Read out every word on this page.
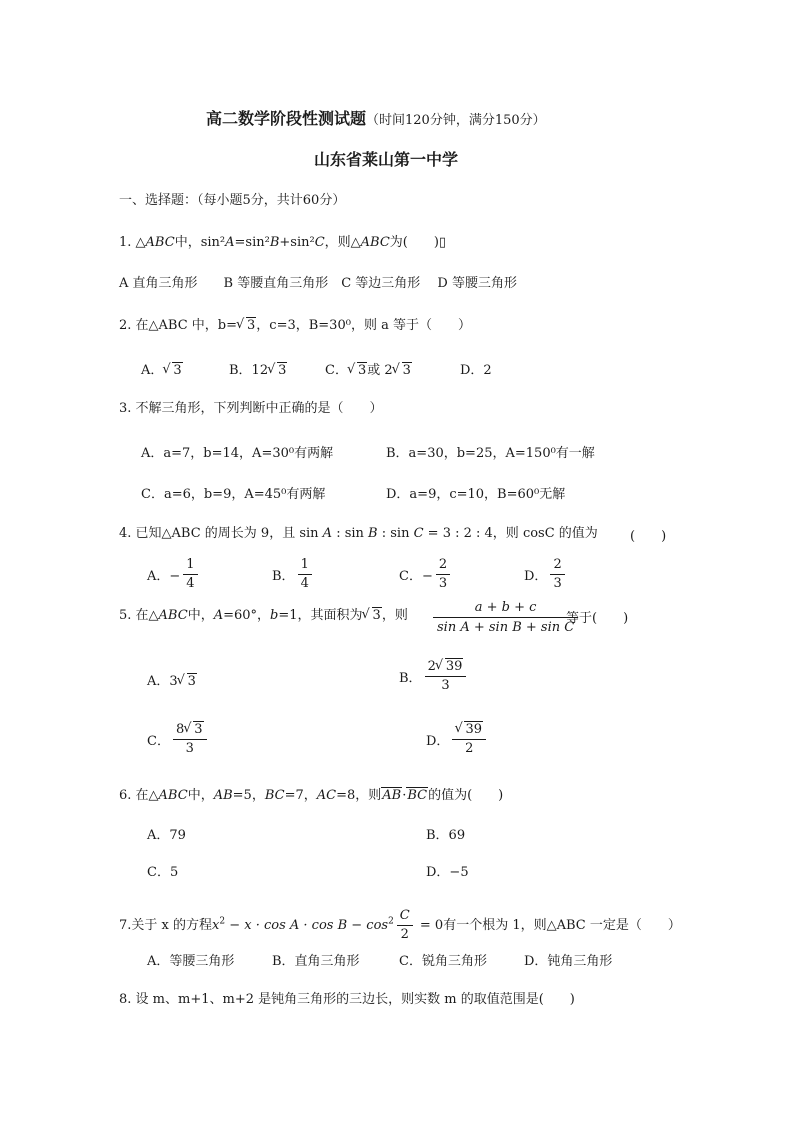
高二数学阶段性测试题（时间120分钟，满分150分）
山东省莱山第一中学
一、选择题：（每小题5分，共计60分）
1. △ABC中，sin²A=sin²B+sin²C，则△ABC为(　　)▯
A 直角三角形　　B 等腰直角三角形　C 等边三角形　 D 等腰三角形
2. 在△ABC 中，b= √ 3，c=3，B=30⁰，则 a 等于（　　）
A． √ 3	B．12 √ 3	C． √ 3或 2 √ 3	D．2
3. 不解三角形，下列判断中正确的是（　　）
A．a=7，b=14，A=30⁰有两解	B．a=30，b=25，A=150⁰有一解
C．a=6，b=9，A=45⁰有两解	D．a=9，c=10，B=60⁰无解
4. 已知△ABC 的周长为 9，且 sin A : sin B : sin C = 3 : 2 : 4，则 cosC 的值为 (　　)
A．− $\frac{1}{4}$	B． $\frac{1}{4}$	C．− $\frac{2}{3}$	D． $\frac{2}{3}$
5. 在△ABC中，A=60°，b=1，其面积为 √ 3，则 $\frac{a + b + c}{\text{sin A + sin B + sin C}}$
等于(　　)
A．3 √ 3	B． $\frac{2 √ 39}{3}$
C． $\frac{8 √ 3}{3}$	D． √ $\frac{39}{2}$
6. 在△ABC中，AB=5，BC=7，AC=8，则AB·BC的值为(　　)
A．79	B．69
C．5	D．−5
7.关于 x 的方程$x^2 - x \cdot \cos A \cdot \cos B - \cos^2 \frac{C}{2} = 0$有一个根为 1，则△ABC 一定是（　　）
A．等腰三角形	B．直角三角形	C．锐角三角形	D．钝角三角形
8. 设 m、m+1、m+2 是钝角三角形的三边长，则实数 m 的取值范围是(　　)
